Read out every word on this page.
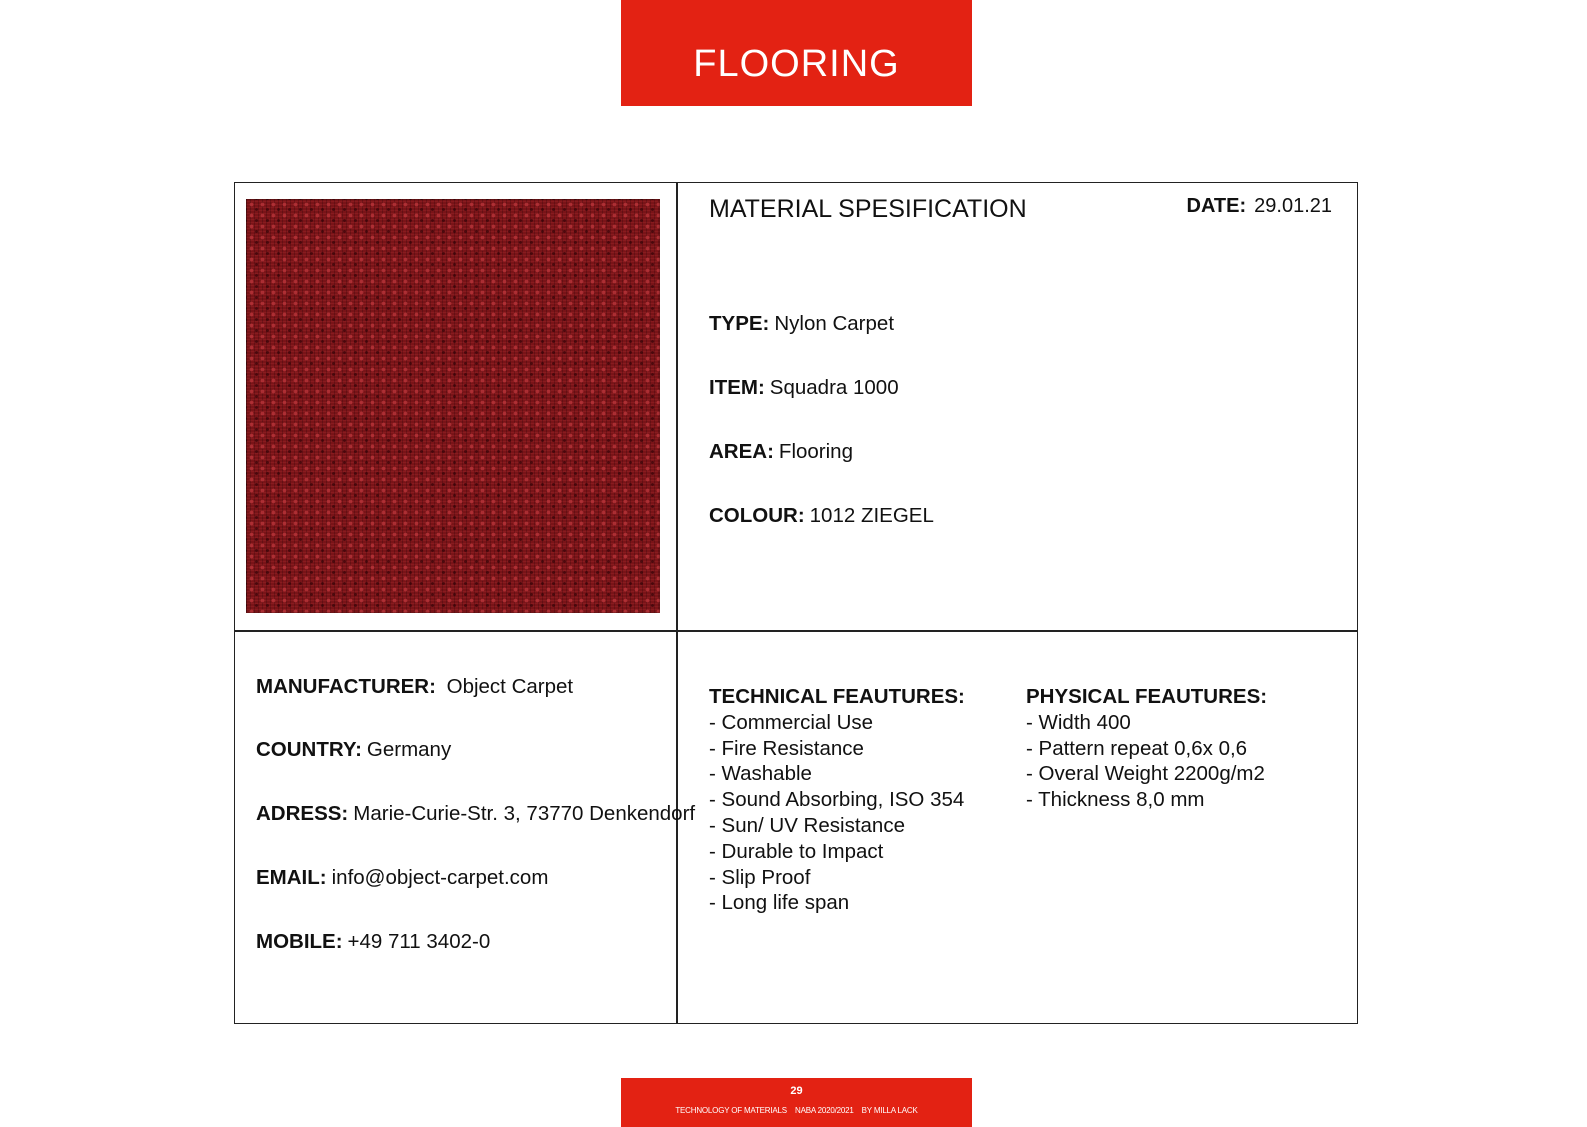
FLOORING
MATERIAL SPESIFICATION	DATE: 29.01.21
TYPE: Nylon Carpet
ITEM: Squadra 1000
AREA: Flooring
COLOUR: 1012 ZIEGEL
MANUFACTURER: Object Carpet
COUNTRY: Germany
ADRESS: Marie-Curie-Str. 3, 73770 Denkendorf
EMAIL: info@object-carpet.com
MOBILE: +49 711 3402-0
TECHNICAL FEAUTURES:
- Commercial Use
- Fire Resistance
- Washable
- Sound Absorbing, ISO 354
- Sun/ UV Resistance
- Durable to Impact
- Slip Proof
- Long life span
PHYSICAL FEAUTURES:
- Width 400
- Pattern repeat 0,6x 0,6
- Overal Weight 2200g/m2
- Thickness 8,0 mm
29
TECHNOLOGY OF MATERIALS    NABA 2020/2021    BY MILLA LACK
